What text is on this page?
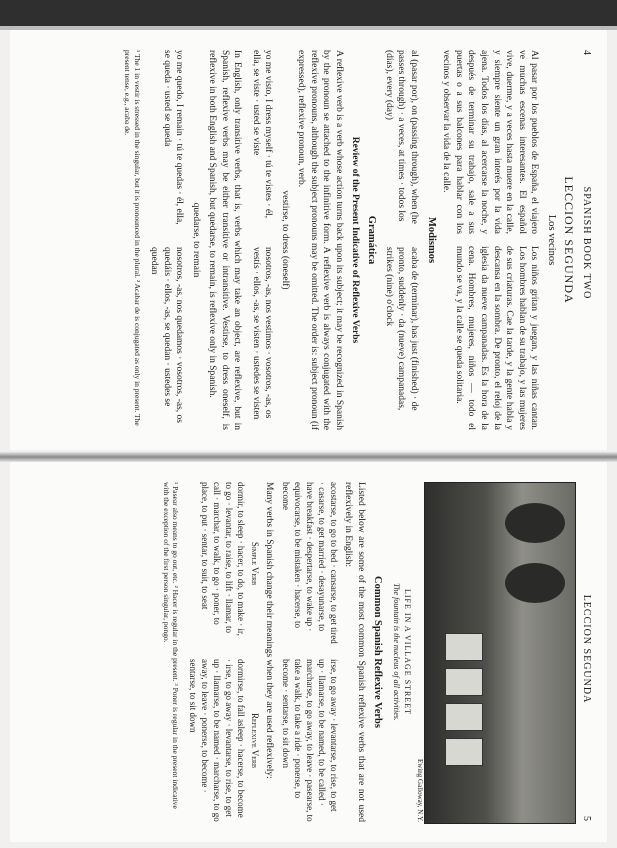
4
SPANISH BOOK TWO
LECCION SEGUNDA
Los vecinos
Al pasar por los pueblos de España, el viajero ve muchas escenas interesantes. El español vive, duerme, y a veces hasta muere en la calle, y siempre siente un gran interés por la vida ajena. Todos los días, al acercarse la noche, y después de terminar su trabajo, sale a sus puertas o a sus balcones para hablar con los vecinos y observar la vida de la calle.
Los niños gritan y juegan, y las niñas cantan. Los hombres hablan de su trabajo, y las mujeres de sus criaturas. Cae la tarde, y la gente habla y descansa en la sombra. De pronto, el reloj de la iglesia da nueve campanadas. Es la hora de la cena. Hombres, mujeres, niños — todo el mundo se va, y la calle se queda solitaria.
Modismos
al (pasar por), on (passing through), when (he passes through) · a veces, at times · todos los (días), every (day)
acaba de (terminar), has just (finished) · de pronto, suddenly · da (nueve) campanadas, strikes (nine) o'clock
Gramática
Review of the Present Indicative of Reflexive Verbs
A reflexive verb is a verb whose action turns back upon its subject; it may be recognized in Spanish by the pronoun se attached to the infinitive form. A reflexive verb is always conjugated with the reflexive pronouns, although the subject pronouns may be omitted. The order is: subject pronoun (if expressed), reflexive pronoun, verb.
vestirse, to dress (oneself)
yo me visto, I dress myself · tú te vistes · él, ella, se viste · usted se viste
nosotros, -as, nos vestimos · vosotros, -as, os vestís · ellos, -as, se visten · ustedes se visten
In English, only transitive verbs, that is, verbs which may take an object, are reflexive, but in Spanish, reflexive verbs may be either transitive or intransitive. Vestirse, to dress oneself, is reflexive in both English and Spanish, but quedarse, to remain, is reflexive only in Spanish.
quedarse, to remain
yo me quedo, I remain · tú te quedas · él, ella, se queda · usted se queda
nosotros, -as, nos quedamos · vosotros, -as, os quedáis · ellos, -as, se quedan · ustedes se quedan
¹ The 1 in vestir is stressed in the singular, but it is pronounced in the plural. ² Acabar de is conjugated as only in present. The present tense, e.g., acaba de.
LECCION SEGUNDA
5
Ewing Galloway, N.Y.
LIFE IN A VILLAGE STREET
The fountain is the nucleus of all activities.
Common Spanish Reflexive Verbs
Listed below are some of the most common Spanish reflexive verbs that are not used reflexively in English:
acostarse, to go to bed · cansarse, to get tired · casarse, to get married · desayunarse, to have breakfast · despertarse, to wake up · equivocarse, to be mistaken · hacerse, to become
irse, to go away · levantarse, to rise, to get up · llamarse, to be named, to be called · marcharse, to go away, to leave · pasearse, to take a walk, to take a ride · ponerse, to become · sentarse, to sit down
Many verbs in Spanish change their meanings when they are used reflexively:
Simple Verb
dormir, to sleep · hacer, to do, to make · ir, to go · levantar, to raise, to lift · llamar, to call · marchar, to walk, to go · poner, to place, to put · sentar, to suit, to seat
Reflexive Verb
dormirse, to fall asleep · hacerse, to become · irse, to go away · levantarse, to rise, to get up · llamarse, to be named · marcharse, to go away, to leave · ponerse, to become · sentarse, to sit down
¹ Pasear also means to go out, etc. ² Hacer is regular in the present. ³ Poner is regular in the present indicative with the exception of the first person singular, pongo.
